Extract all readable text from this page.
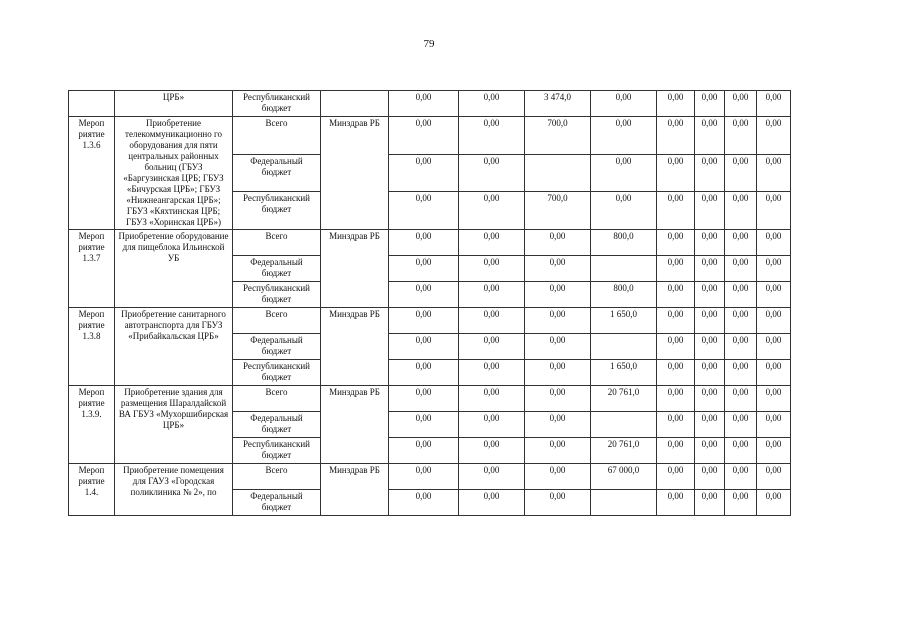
79
	ЦРБ»	Республиканский бюджет		0,00	0,00	3 474,0	0,00	0,00	0,00	0,00	0,00
Мероп риятие 1.3.6	Приобретение телекоммуникационно го оборудования для пяти центральных районных больниц (ГБУЗ «Баргузинская ЦРБ; ГБУЗ «Бичурская ЦРБ»; ГБУЗ «Нижнеангарская ЦРБ»; ГБУЗ «Кяхтинская ЦРБ; ГБУЗ «Хоринская ЦРБ»)	Всего	Минздрав РБ	0,00	0,00	700,0	0,00	0,00	0,00	0,00	0,00
		Федеральный бюджет		0,00	0,00		0,00	0,00	0,00	0,00	0,00
		Республиканский бюджет		0,00	0,00	700,0	0,00	0,00	0,00	0,00	0,00
Мероп риятие 1.3.7	Приобретение оборудование для пищеблока Ильинской УБ	Всего	Минздрав РБ	0,00	0,00	0,00	800,0	0,00	0,00	0,00	0,00
		Федеральный бюджет		0,00	0,00	0,00		0,00	0,00	0,00	0,00
		Республиканский бюджет		0,00	0,00	0,00	800,0	0,00	0,00	0,00	0,00
Мероп риятие 1.3.8	Приобретение санитарного автотранспорта для ГБУЗ «Прибайкальская ЦРБ»	Всего	Минздрав РБ	0,00	0,00	0,00	1 650,0	0,00	0,00	0,00	0,00
		Федеральный бюджет		0,00	0,00	0,00		0,00	0,00	0,00	0,00
		Республиканский бюджет		0,00	0,00	0,00	1 650,0	0,00	0,00	0,00	0,00
Мероп риятие 1.3.9.	Приобретение здания для размещения Шаралдайской ВА ГБУЗ «Мухоршибирская ЦРБ»	Всего	Минздрав РБ	0,00	0,00	0,00	20 761,0	0,00	0,00	0,00	0,00
		Федеральный бюджет		0,00	0,00	0,00		0,00	0,00	0,00	0,00
		Республиканский бюджет		0,00	0,00	0,00	20 761,0	0,00	0,00	0,00	0,00
Мероп риятие 1.4.	Приобретение помещения для ГАУЗ «Городская поликлиника № 2», по	Всего	Минздрав РБ	0,00	0,00	0,00	67 000,0	0,00	0,00	0,00	0,00
		Федеральный бюджет		0,00	0,00	0,00		0,00	0,00	0,00	0,00
